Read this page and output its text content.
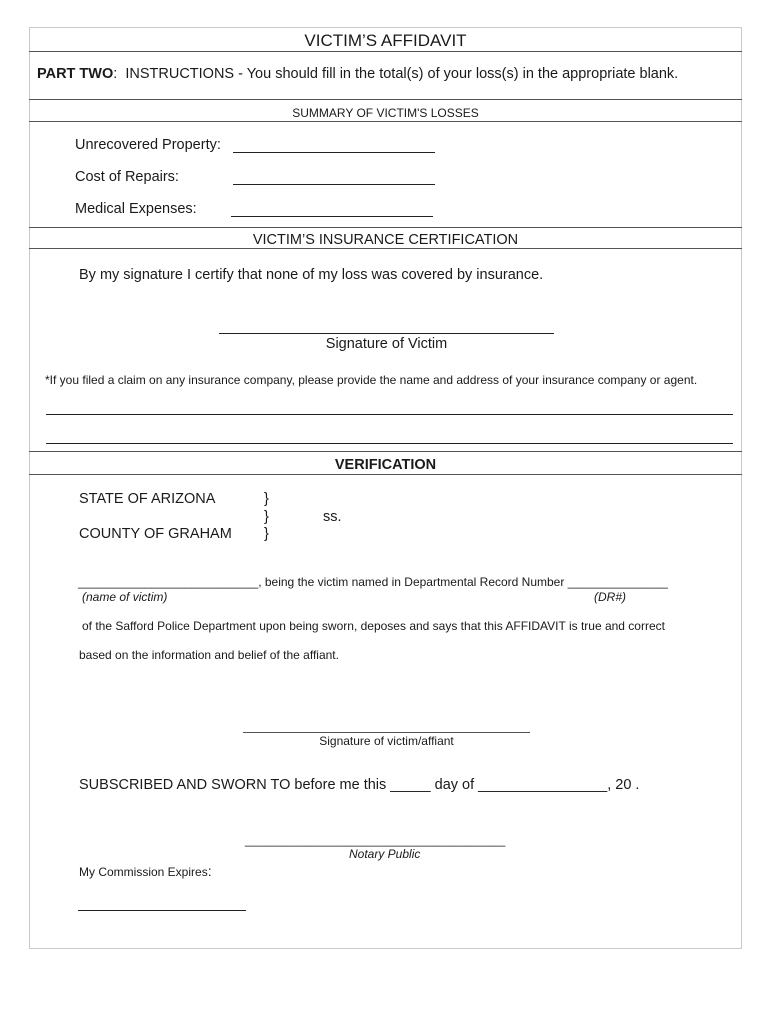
VICTIM’S AFFIDAVIT
PART TWO: INSTRUCTIONS - You should fill in the total(s) of your loss(s) in the appropriate blank.
SUMMARY OF VICTIM'S LOSSES
Unrecovered Property:
Cost of Repairs:
Medical Expenses:
VICTIM’S INSURANCE CERTIFICATION
By my signature I certify that none of my loss was covered by insurance.
Signature of Victim
*If you filed a claim on any insurance company, please provide the name and address of your insurance company or agent.
VERIFICATION
STATE OF ARIZONA
COUNTY OF GRAHAM
}
}
}
ss.
___________________________, being the victim named in Departmental Record Number _______________
(name of victim)	(DR#)
of the Safford Police Department upon being sworn, deposes and says that this AFFIDAVIT is true and correct
based on the information and belief of the affiant.
Signature of victim/affiant
SUBSCRIBED AND SWORN TO before me this _____ day of ________________, 20 .
_______________________________________
Notary Public
My Commission Expires:
